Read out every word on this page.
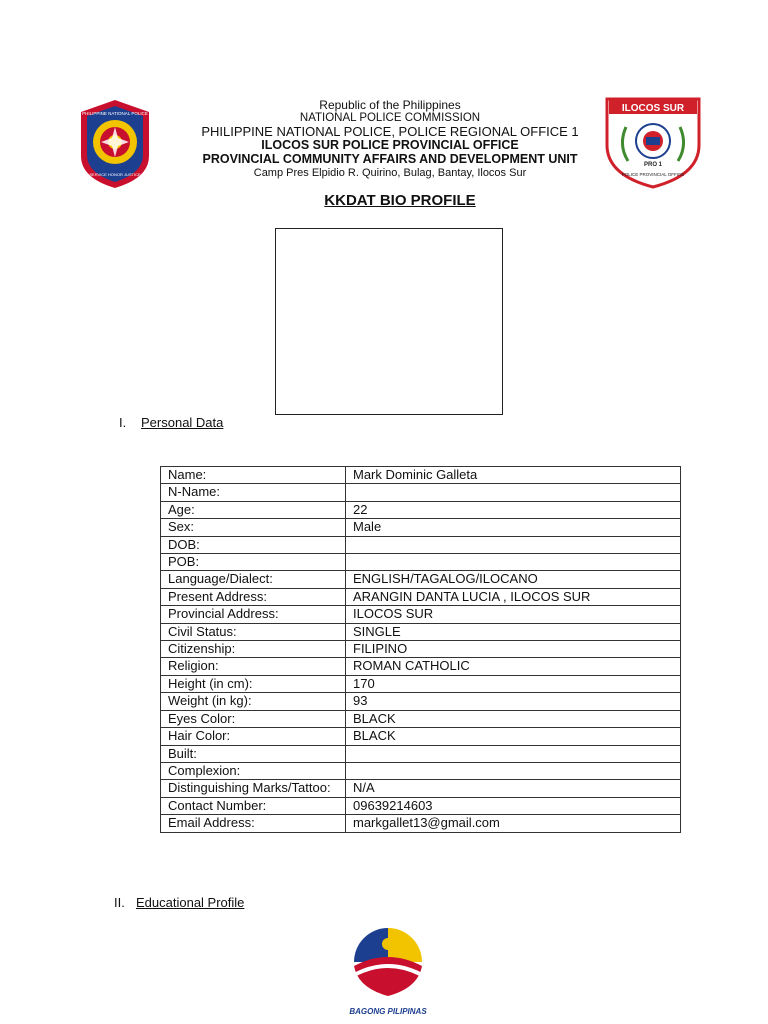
PHILIPPINE NATIONAL POLICE
SERVICE HONOR JUSTICE
Republic of the Philippines
NATIONAL POLICE COMMISSION
PHILIPPINE NATIONAL POLICE, POLICE REGIONAL OFFICE 1
ILOCOS SUR POLICE PROVINCIAL OFFICE
PROVINCIAL COMMUNITY AFFAIRS AND DEVELOPMENT UNIT
Camp Pres Elpidio R. Quirino, Bulag, Bantay, Ilocos Sur
ILOCOS SUR
PRO 1
POLICE PROVINCIAL OFFICE
KKDAT BIO PROFILE
I. Personal Data
Name:	Mark Dominic Galleta
N-Name:	
Age:	22
Sex:	Male
DOB:	
POB:	
Language/Dialect:	ENGLISH/TAGALOG/ILOCANO
Present Address:	ARANGIN DANTA LUCIA , ILOCOS SUR
Provincial Address:	ILOCOS SUR
Civil Status:	SINGLE
Citizenship:	FILIPINO
Religion:	ROMAN CATHOLIC
Height (in cm):	170
Weight (in kg):	93
Eyes Color:	BLACK
Hair Color:	BLACK
Built:	
Complexion:	
Distinguishing Marks/Tattoo:	N/A
Contact Number:	09639214603
Email Address:	markgallet13@gmail.com
II. Educational Profile
BAGONG PILIPINAS
